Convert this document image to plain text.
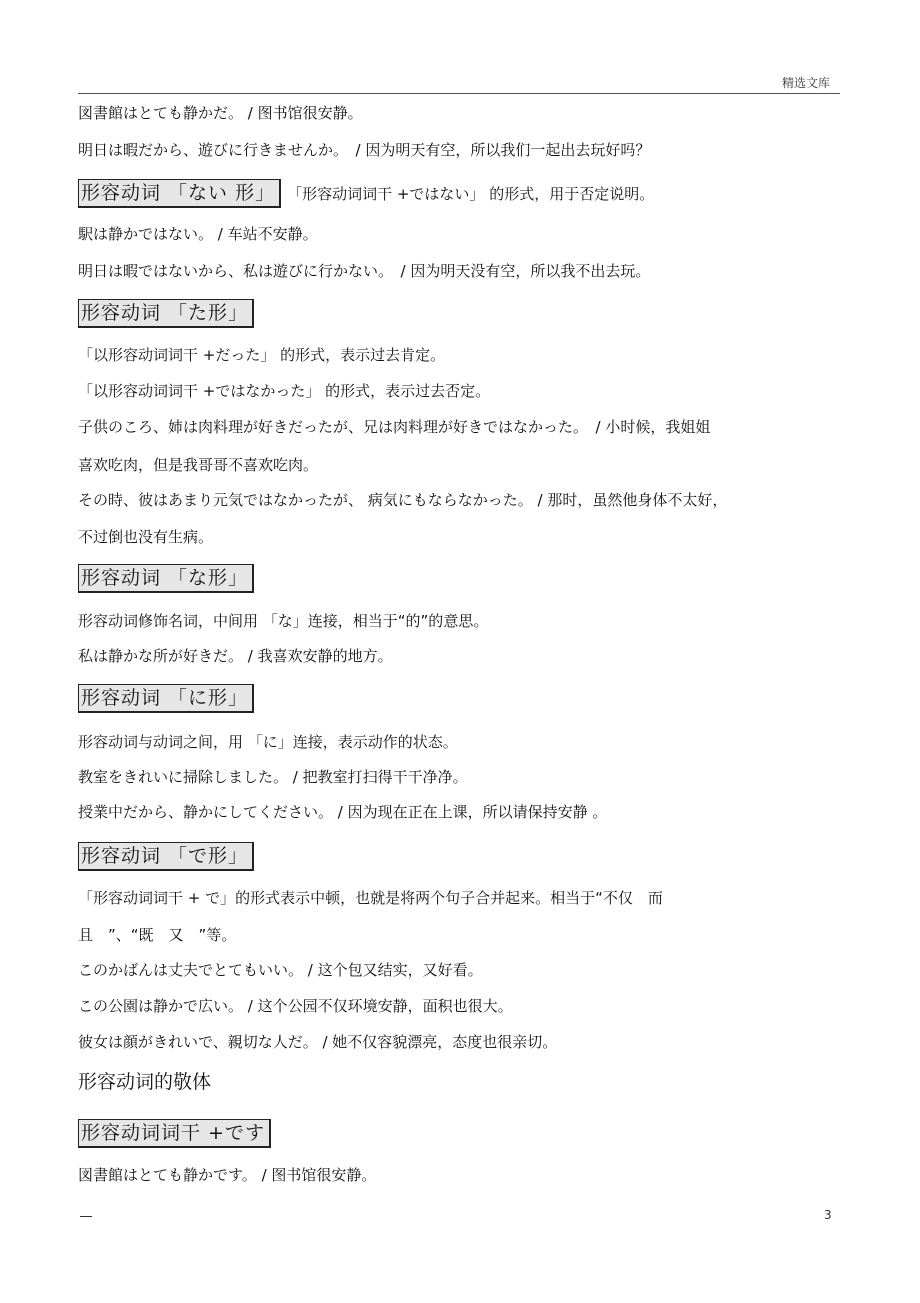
精选文库
図書館はとても静かだ。 / 图书馆很安静。
明日は暇だから、遊びに行きませんか。　/ 因为明天有空，所以我们一起出去玩好吗？
形容动词 「ない 形」 「形容动词词干 +ではない」 的形式，用于否定说明。
駅は静かではない。 / 车站不安静。
明日は暇ではないから、私は遊びに行かない。　/ 因为明天没有空，所以我不出去玩。
形容动词 「た形」
「以形容动词词干 +だった」 的形式，表示过去肯定。
「以形容动词词干 +ではなかった」 的形式，表示过去否定。
子供のころ、姉は肉料理が好きだったが、兄は肉料理が好きではなかった。　/ 小时候，我姐姐
喜欢吃肉，但是我哥哥不喜欢吃肉。
その時、彼はあまり元気ではなかったが、 病気にもならなかった。 / 那时，虽然他身体不太好，
不过倒也没有生病。
形容动词 「な形」
形容动词修饰名词，中间用 「な」连接，相当于“的”的意思。
私は静かな所が好きだ。 / 我喜欢安静的地方。
形容动词 「に形」
形容动词与动词之间，用 「に」连接，表示动作的状态。
教室をきれいに掃除しました。 / 把教室打扫得干干净净。
授業中だから、静かにしてください。 / 因为现在正在上课，所以请保持安静 。
形容动词 「で形」
「形容动词词干 + で」的形式表示中顿，也就是将两个句子合并起来。相当于“不仅　而
且　”、“既　又　”等。
このかばんは丈夫でとてもいい。 / 这个包又结实，又好看。
この公園は静かで広い。 / 这个公园不仅环境安静，面积也很大。
彼女は顔がきれいで、親切な人だ。 / 她不仅容貌漂亮，态度也很亲切。
形容动词的敬体
形容动词词干 +です
図書館はとても静かです。 / 图书馆很安静。
3
